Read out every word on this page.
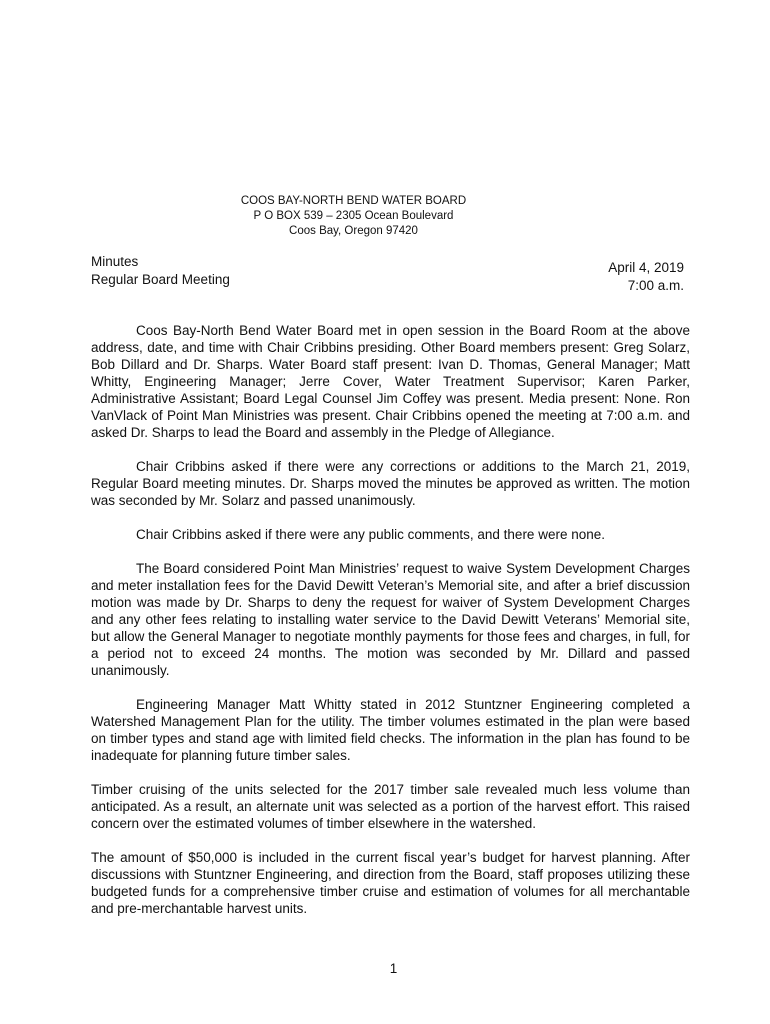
COOS BAY-NORTH BEND WATER BOARD
P O BOX 539 – 2305 Ocean Boulevard
Coos Bay, Oregon 97420
Minutes
Regular Board Meeting
April 4, 2019
7:00 a.m.

Coos Bay-North Bend Water Board met in open session in the Board Room at the above address, date, and time with Chair Cribbins presiding. Other Board members present: Greg Solarz, Bob Dillard and Dr. Sharps. Water Board staff present: Ivan D. Thomas, General Manager; Matt Whitty, Engineering Manager; Jerre Cover, Water Treatment Supervisor; Karen Parker, Administrative Assistant; Board Legal Counsel Jim Coffey was present. Media present: None. Ron VanVlack of Point Man Ministries was present. Chair Cribbins opened the meeting at 7:00 a.m. and asked Dr. Sharps to lead the Board and assembly in the Pledge of Allegiance.

Chair Cribbins asked if there were any corrections or additions to the March 21, 2019, Regular Board meeting minutes. Dr. Sharps moved the minutes be approved as written. The motion was seconded by Mr. Solarz and passed unanimously.

Chair Cribbins asked if there were any public comments, and there were none.

The Board considered Point Man Ministries’ request to waive System Development Charges and meter installation fees for the David Dewitt Veteran’s Memorial site, and after a brief discussion motion was made by Dr. Sharps to deny the request for waiver of System Development Charges and any other fees relating to installing water service to the David Dewitt Veterans’ Memorial site, but allow the General Manager to negotiate monthly payments for those fees and charges, in full, for a period not to exceed 24 months. The motion was seconded by Mr. Dillard and passed unanimously.

Engineering Manager Matt Whitty stated in 2012 Stuntzner Engineering completed a Watershed Management Plan for the utility. The timber volumes estimated in the plan were based on timber types and stand age with limited field checks. The information in the plan has found to be inadequate for planning future timber sales.

Timber cruising of the units selected for the 2017 timber sale revealed much less volume than anticipated. As a result, an alternate unit was selected as a portion of the harvest effort. This raised concern over the estimated volumes of timber elsewhere in the watershed.

The amount of $50,000 is included in the current fiscal year’s budget for harvest planning. After discussions with Stuntzner Engineering, and direction from the Board, staff proposes utilizing these budgeted funds for a comprehensive timber cruise and estimation of volumes for all merchantable and pre-merchantable harvest units.

1
